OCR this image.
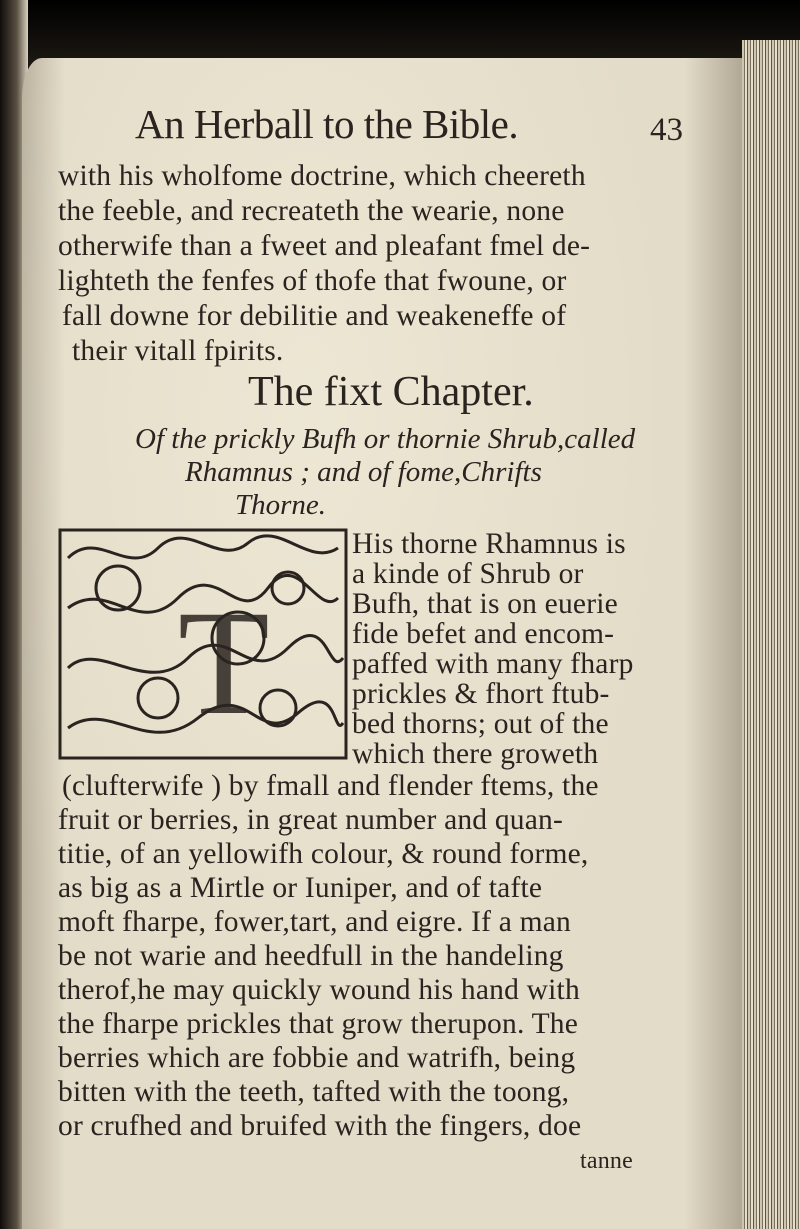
An Herball to the Bible.	43
with his wholfome doctrine, which cheereth
the feeble, and recreateth the wearie, none
otherwife than a fweet and pleafant fmel de-
lighteth the fenfes of thofe that fwoune, or
fall downe for debilitie and weakeneffe of
their vitall fpirits.
The fixt Chapter.
Of the prickly Bufh or thornie Shrub,called
Rhamnus ; and of fome,Chrifts
Thorne.
T
His thorne Rhamnus is
a kinde of Shrub or
Bufh, that is on euerie
fide befet and encom-
paffed with many fharp
prickles & fhort ftub-
bed thorns; out of the
which there groweth
(clufterwife ) by fmall and flender ftems, the
fruit or berries, in great number and quan-
titie, of an yellowifh colour, & round forme,
as big as a Mirtle or Iuniper, and of tafte
moft fharpe, fower,tart, and eigre. If a man
be not warie and heedfull in the handeling
therof,he may quickly wound his hand with
the fharpe prickles that grow therupon. The
berries which are fobbie and watrifh, being
bitten with the teeth, tafted with the toong,
or crufhed and bruifed with the fingers, doe
tanne
